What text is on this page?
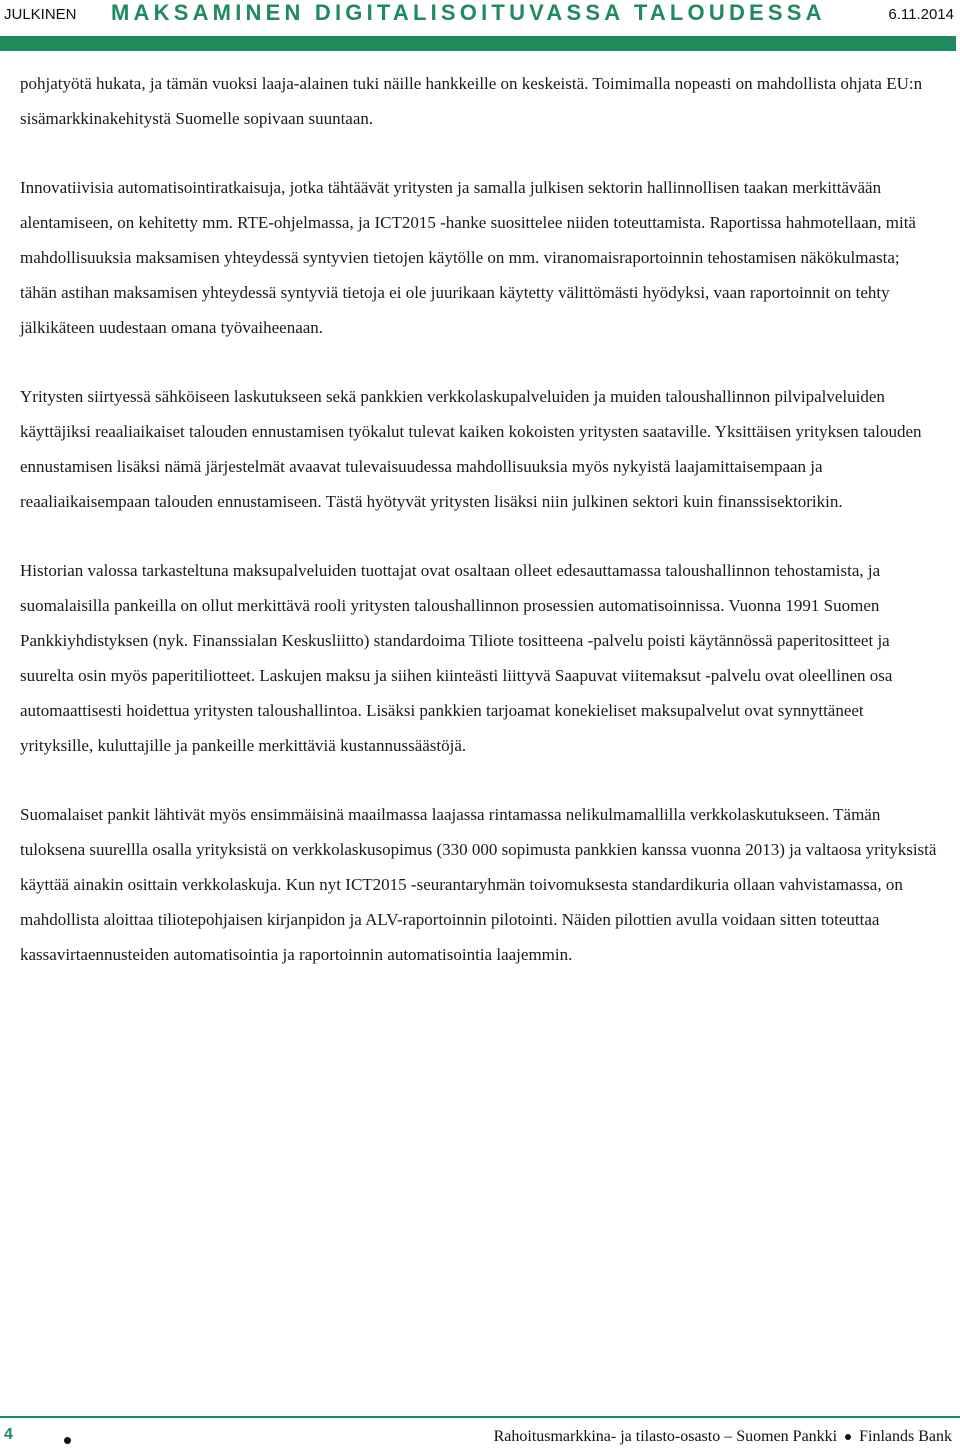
JULKINEN MAKSAMINEN DIGITALISOITUVASSA TALOUDESSA	6.11.2014

pohjatyötä hukata, ja tämän vuoksi laaja-alainen tuki näille hankkeille on keskeistä. Toimimalla nopeasti on mahdollista ohjata EU:n sisämarkkinakehitystä Suomelle sopivaan suuntaan.

Innovatiivisia automatisointiratkaisuja, jotka tähtäävät yritysten ja samalla julkisen sektorin hallinnollisen taakan merkittävään alentamiseen, on kehitetty mm. RTE-ohjelmassa, ja ICT2015 -hanke suosittelee niiden toteuttamista. Raportissa hahmotellaan, mitä mahdollisuuksia maksamisen yhteydessä syntyvien tietojen käytölle on mm. viranomaisraportoinnin tehostamisen näkökulmasta; tähän astihan maksamisen yhteydessä syntyviä tietoja ei ole juurikaan käytetty välittömästi hyödyksi, vaan raportoinnit on tehty jälkikäteen uudestaan omana työvaiheenaan.

Yritysten siirtyessä sähköiseen laskutukseen sekä pankkien verkkolaskupalveluiden ja muiden taloushallinnon pilvipalveluiden käyttäjiksi reaaliaikaiset talouden ennustamisen työkalut tulevat kaiken kokoisten yritysten saataville. Yksittäisen yrityksen talouden ennustamisen lisäksi nämä järjestelmät avaavat tulevaisuudessa mahdollisuuksia myös nykyistä laajamittaisempaan ja reaaliaikaisempaan talouden ennustamiseen. Tästä hyötyvät yritysten lisäksi niin julkinen sektori kuin finanssisektorikin.

Historian valossa tarkasteltuna maksupalveluiden tuottajat ovat osaltaan olleet edesauttamassa taloushallinnon tehostamista, ja suomalaisilla pankeilla on ollut merkittävä rooli yritysten taloushallinnon prosessien automatisoinnissa. Vuonna 1991 Suomen Pankkiyhdistyksen (nyk. Finanssialan Keskusliitto) standardoima Tiliote tositteena -palvelu poisti käytännössä paperitositteet ja suurelta osin myös paperitiliotteet. Laskujen maksu ja siihen kiinteästi liittyvä Saapuvat viitemaksut -palvelu ovat oleellinen osa automaattisesti hoidettua yritysten taloushallintoa. Lisäksi pankkien tarjoamat konekieliset maksupalvelut ovat synnyttäneet yrityksille, kuluttajille ja pankeille merkittäviä kustannussäästöjä.

Suomalaiset pankit lähtivät myös ensimmäisinä maailmassa laajassa rintamassa nelikulmamallilla verkkolaskutukseen. Tämän tuloksena suurellla osalla yrityksistä on verkkolaskusopimus (330 000 sopimusta pankkien kanssa vuonna 2013) ja valtaosa yrityksistä käyttää ainakin osittain verkkolaskuja. Kun nyt ICT2015 -seurantaryhmän toivomuksesta standardikuria ollaan vahvistamassa, on mahdollista aloittaa tiliotepohjaisen kirjanpidon ja ALV-raportoinnin pilotointi. Näiden pilottien avulla voidaan sitten toteuttaa kassavirtaennusteiden automatisointia ja raportoinnin automatisointia laajemmin.

4	Rahoitusmarkkina- ja tilasto-osasto – Suomen Pankki Finlands Bank
